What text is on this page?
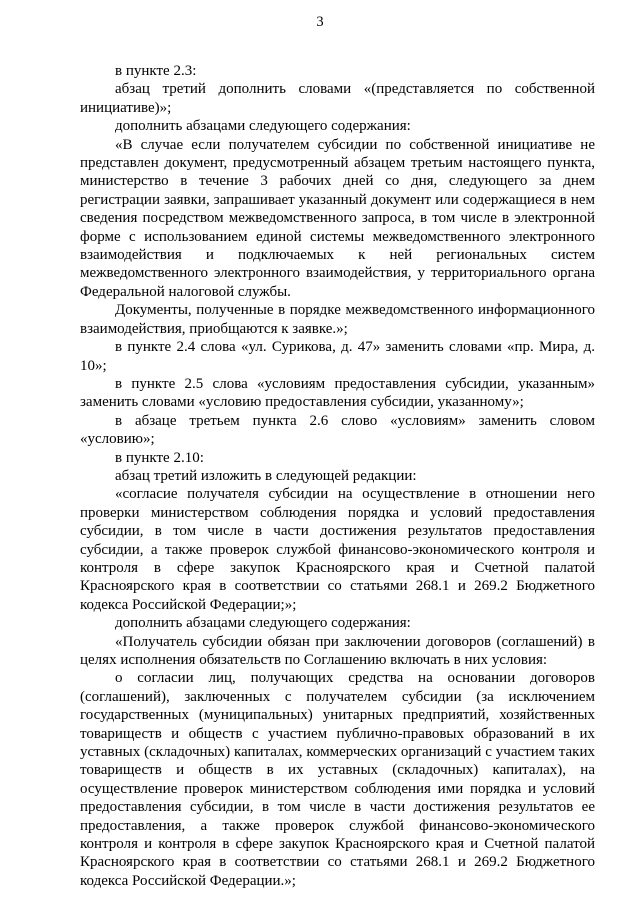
3

в пункте 2.3:

абзац третий дополнить словами «(представляется по собственной инициативе)»;

дополнить абзацами следующего содержания:

«В случае если получателем субсидии по собственной инициативе не представлен документ, предусмотренный абзацем третьим настоящего пункта, министерство в течение 3 рабочих дней со дня, следующего за днем регистрации заявки, запрашивает указанный документ или содержащиеся в нем сведения посредством межведомственного запроса, в том числе в электронной форме с использованием единой системы межведомственного электронного взаимодействия и подключаемых к ней региональных систем межведомственного электронного взаимодействия, у территориального органа Федеральной налоговой службы.

Документы, полученные в порядке межведомственного информационного взаимодействия, приобщаются к заявке.»;

в пункте 2.4 слова «ул. Сурикова, д. 47» заменить словами «пр. Мира, д. 10»;

в пункте 2.5 слова «условиям предоставления субсидии, указанным» заменить словами «условию предоставления субсидии, указанному»;

в абзаце третьем пункта 2.6 слово «условиям» заменить словом «условию»;

в пункте 2.10:

абзац третий изложить в следующей редакции:

«согласие получателя субсидии на осуществление в отношении него проверки министерством соблюдения порядка и условий предоставления субсидии, в том числе в части достижения результатов предоставления субсидии, а также проверок службой финансово-экономического контроля и контроля в сфере закупок Красноярского края и Счетной палатой Красноярского края в соответствии со статьями 268.1 и 269.2 Бюджетного кодекса Российской Федерации;»;

дополнить абзацами следующего содержания:

«Получатель субсидии обязан при заключении договоров (соглашений) в целях исполнения обязательств по Соглашению включать в них условия:

о согласии лиц, получающих средства на основании договоров (соглашений), заключенных с получателем субсидии (за исключением государственных (муниципальных) унитарных предприятий, хозяйственных товариществ и обществ с участием публично-правовых образований в их уставных (складочных) капиталах, коммерческих организаций с участием таких товариществ и обществ в их уставных (складочных) капиталах), на осуществление проверок министерством соблюдения ими порядка и условий предоставления субсидии, в том числе в части достижения результатов ее предоставления, а также проверок службой финансово-экономического контроля и контроля в сфере закупок Красноярского края и Счетной палатой Красноярского края в соответствии со статьями 268.1 и 269.2 Бюджетного кодекса Российской Федерации.»;
